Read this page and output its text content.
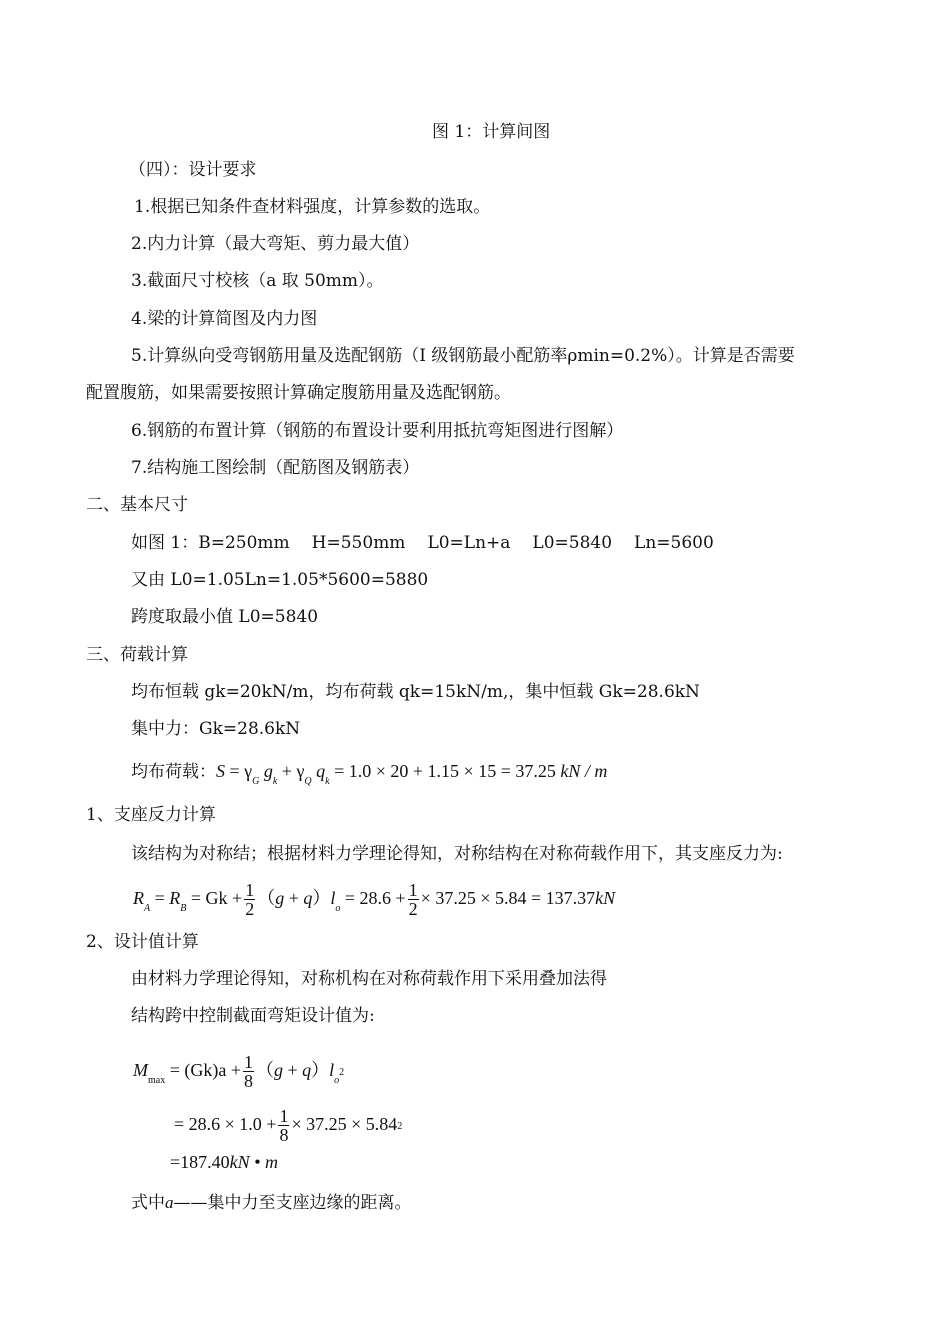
图 1：计算间图
（四）：设计要求
1.根据已知条件查材料强度，计算参数的选取。
2.内力计算（最大弯矩、剪力最大值）
3.截面尺寸校核（a 取 50mm）。
4.梁的计算简图及内力图
5.计算纵向受弯钢筋用量及选配钢筋（I 级钢筋最小配筋率ρmin=0.2%）。计算是否需要
配置腹筋，如果需要按照计算确定腹筋用量及选配钢筋。
6.钢筋的布置计算（钢筋的布置设计要利用抵抗弯矩图进行图解）
7.结构施工图绘制（配筋图及钢筋表）
二、基本尺寸
如图 1：B=250mm H=550mm L0=Ln+a L0=5840 Ln=5600
又由 L0=1.05Ln=1.05*5600=5880
跨度取最小值 L0=5840
三、荷载计算
均布恒载 gk=20kN/m，均布荷载 qk=15kN/m,，集中恒载 Gk=28.6kN
集中力：Gk=28.6kN
均布荷载：$S = \gamma_G$ $g_k + \gamma_Q$ $q_k = 1.0 \times 20 + 1.15 \times 15 = 37.25$ kN / m
1、支座反力计算
该结构为对称结；根据材料力学理论得知，对称结构在对称荷载作用下，其支座反力为:
$R_A = R_B = Gk + \frac{1}{2} (g + q)l_o = 28.6 + \frac{1}{2} \times 37.25 \times 5.84 = 137.37kN$
2、设计值计算
由材料力学理论得知，对称机构在对称荷载作用下采用叠加法得
结构跨中控制截面弯矩设计值为:
$M_{max} = (Gk)a + \frac{1}{8} (g + q)l_o2$
= $28.6 \times 1.0 + \frac{1}{8} \times 37.25 \times 5.842$
=187.40kN • m
式中a——集中力至支座边缘的距离。
